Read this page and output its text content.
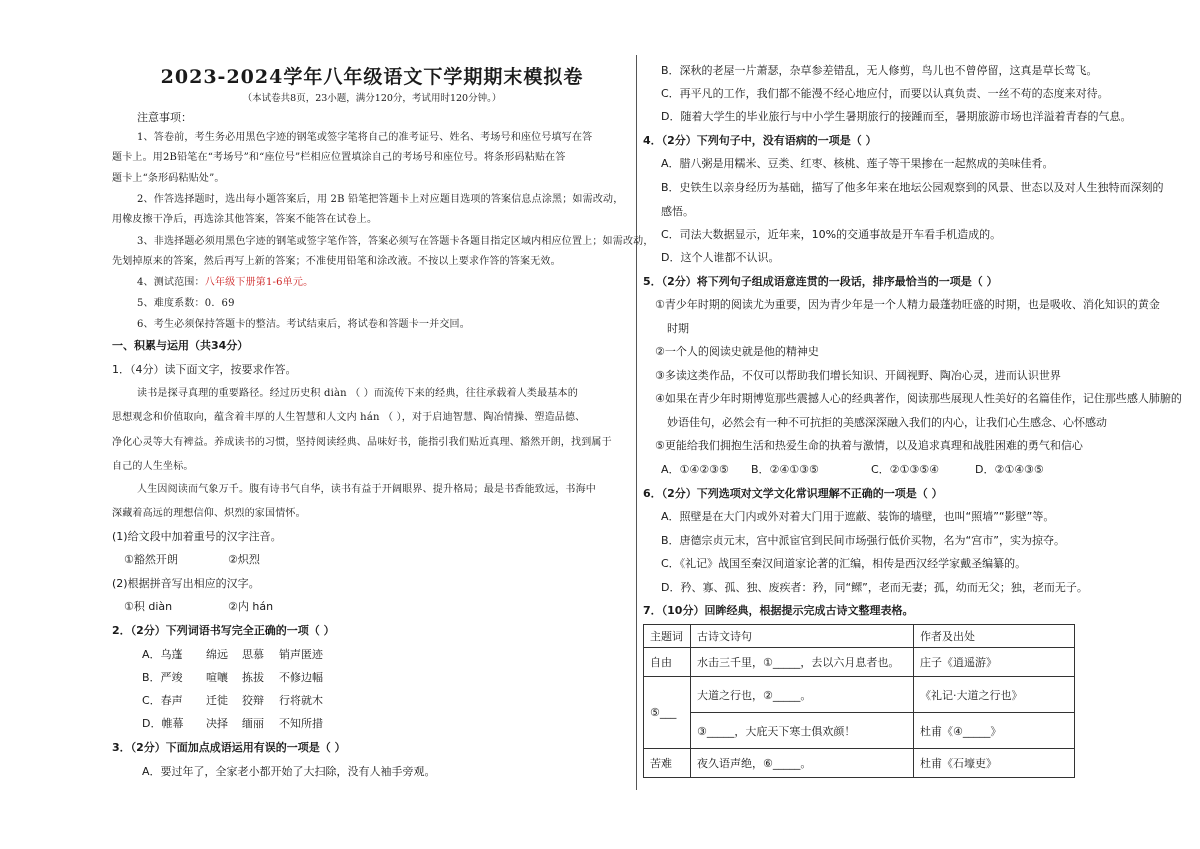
2023-2024学年八年级语文下学期期末模拟卷
（本试卷共8页，23小题，满分120分，考试用时120分钟。）
注意事项：
1、答卷前，考生务必用黑色字迹的钢笔或签字笔将自己的准考证号、姓名、考场号和座位号填写在答
题卡上。用2B铅笔在“考场号”和“座位号”栏相应位置填涂自己的考场号和座位号。将条形码粘贴在答
题卡上“条形码粘贴处”。
2、作答选择题时，选出每小题答案后，用 2B 铅笔把答题卡上对应题目选项的答案信息点涂黑；如需改动，
用橡皮擦干净后，再选涂其他答案，答案不能答在试卷上。
3、非选择题必须用黑色字迹的钢笔或签字笔作答，答案必须写在答题卡各题目指定区域内相应位置上；如需改动，
先划掉原来的答案，然后再写上新的答案；不准使用铅笔和涂改液。不按以上要求作答的答案无效。
4、测试范围：八年级下册第1-6单元。
5、难度系数：0．69
6、考生必须保持答题卡的整洁。考试结束后，将试卷和答题卡一并交回。
一、积累与运用（共34分）
1．（4分）读下面文字，按要求作答。
读书是探寻真理的重要路径。经过历史积 diàn （ ）而流传下来的经典，往往承载着人类最基本的
思想观念和价值取向，蕴含着丰厚的人生智慧和人文内 hán （ ），对于启迪智慧、陶冶情操、塑造品德、
净化心灵等大有裨益。养成读书的习惯，坚持阅读经典、品味好书，能指引我们贴近真理、豁然开朗，找到属于
自己的人生坐标。
人生因阅读而气象万千。腹有诗书气自华，读书有益于开阔眼界、提升格局；最是书香能致远，书海中
深藏着高远的理想信仰、炽烈的家国情怀。
(1)给文段中加着重号的汉字注音。
①豁然开朗	②炽烈
(2)根据拼音写出相应的汉字。
①积 diàn	②内 hán
2．（2分）下列词语书写完全正确的一项（ ）
A．乌蓬 绵远 思慕 销声匿迹
B．严竣 喧嚷 拣拔 不修边幅
C．春声 迁徙 狡辩 行将就木
D．帷幕 决择 缅丽 不知所措
3．（2分）下面加点成语运用有误的一项是（ ）
A．要过年了，全家老小都开始了大扫除，没有人袖手旁观。
B．深秋的老屋一片萧瑟，杂草参差错乱，无人修剪，鸟儿也不曾停留，这真是草长莺飞。
C．再平凡的工作，我们都不能漫不经心地应付，而要以认真负责、一丝不苟的态度来对待。
D．随着大学生的毕业旅行与中小学生暑期旅行的接踵而至，暑期旅游市场也洋溢着青春的气息。
4．（2分）下列句子中，没有语病的一项是（ ）
A．腊八粥是用糯米、豆类、红枣、核桃、莲子等干果掺在一起熬成的美味佳肴。
B．史铁生以亲身经历为基础，描写了他多年来在地坛公园观察到的风景、世态以及对人生独特而深刻的
感悟。
C．司法大数据显示，近年来，10%的交通事故是开车看手机造成的。
D．这个人谁都不认识。
5．（2分）将下列句子组成语意连贯的一段话，排序最恰当的一项是（ ）
①青少年时期的阅读尤为重要，因为青少年是一个人精力最蓬勃旺盛的时期，也是吸收、消化知识的黄金
时期
②一个人的阅读史就是他的精神史
③多读这类作品，不仅可以帮助我们增长知识、开阔视野、陶冶心灵，进而认识世界
④如果在青少年时期博览那些震撼人心的经典著作，阅读那些展现人性美好的名篇佳作，记住那些感人肺腑的
妙语佳句，必然会有一种不可抗拒的美感深深融入我们的内心，让我们心生感念、心怀感动
⑤更能给我们拥抱生活和热爱生命的执着与激情，以及追求真理和战胜困难的勇气和信心
A．①④②③⑤ B．②④①③⑤	C．②①③⑤④	D．②①④③⑤
6．（2分）下列选项对文学文化常识理解不正确的一项是（ ）
A．照壁是在大门内或外对着大门用于遮蔽、装饰的墙壁，也叫“照墙”“影壁”等。
B．唐德宗贞元末，宫中派宦官到民间市场强行低价买物，名为“宫市”，实为掠夺。
C．《礼记》战国至秦汉间道家论著的汇编，相传是西汉经学家戴圣编纂的。
D．矜、寡、孤、独、废疾者：矜，同“鳏”，老而无妻；孤，幼而无父；独，老而无子。
7．（10分）回眸经典，根据提示完成古诗文整理表格。
主题词	古诗文诗句	作者及出处
自由	水击三千里，①_____，去以六月息者也。	庄子《逍遥游》
⑤___	大道之行也，②_____。	《礼记·大道之行也》
	③_____，大庇天下寒士俱欢颜！	杜甫《④_____》
苦难	夜久语声绝，⑥_____。	杜甫《石壕吏》
